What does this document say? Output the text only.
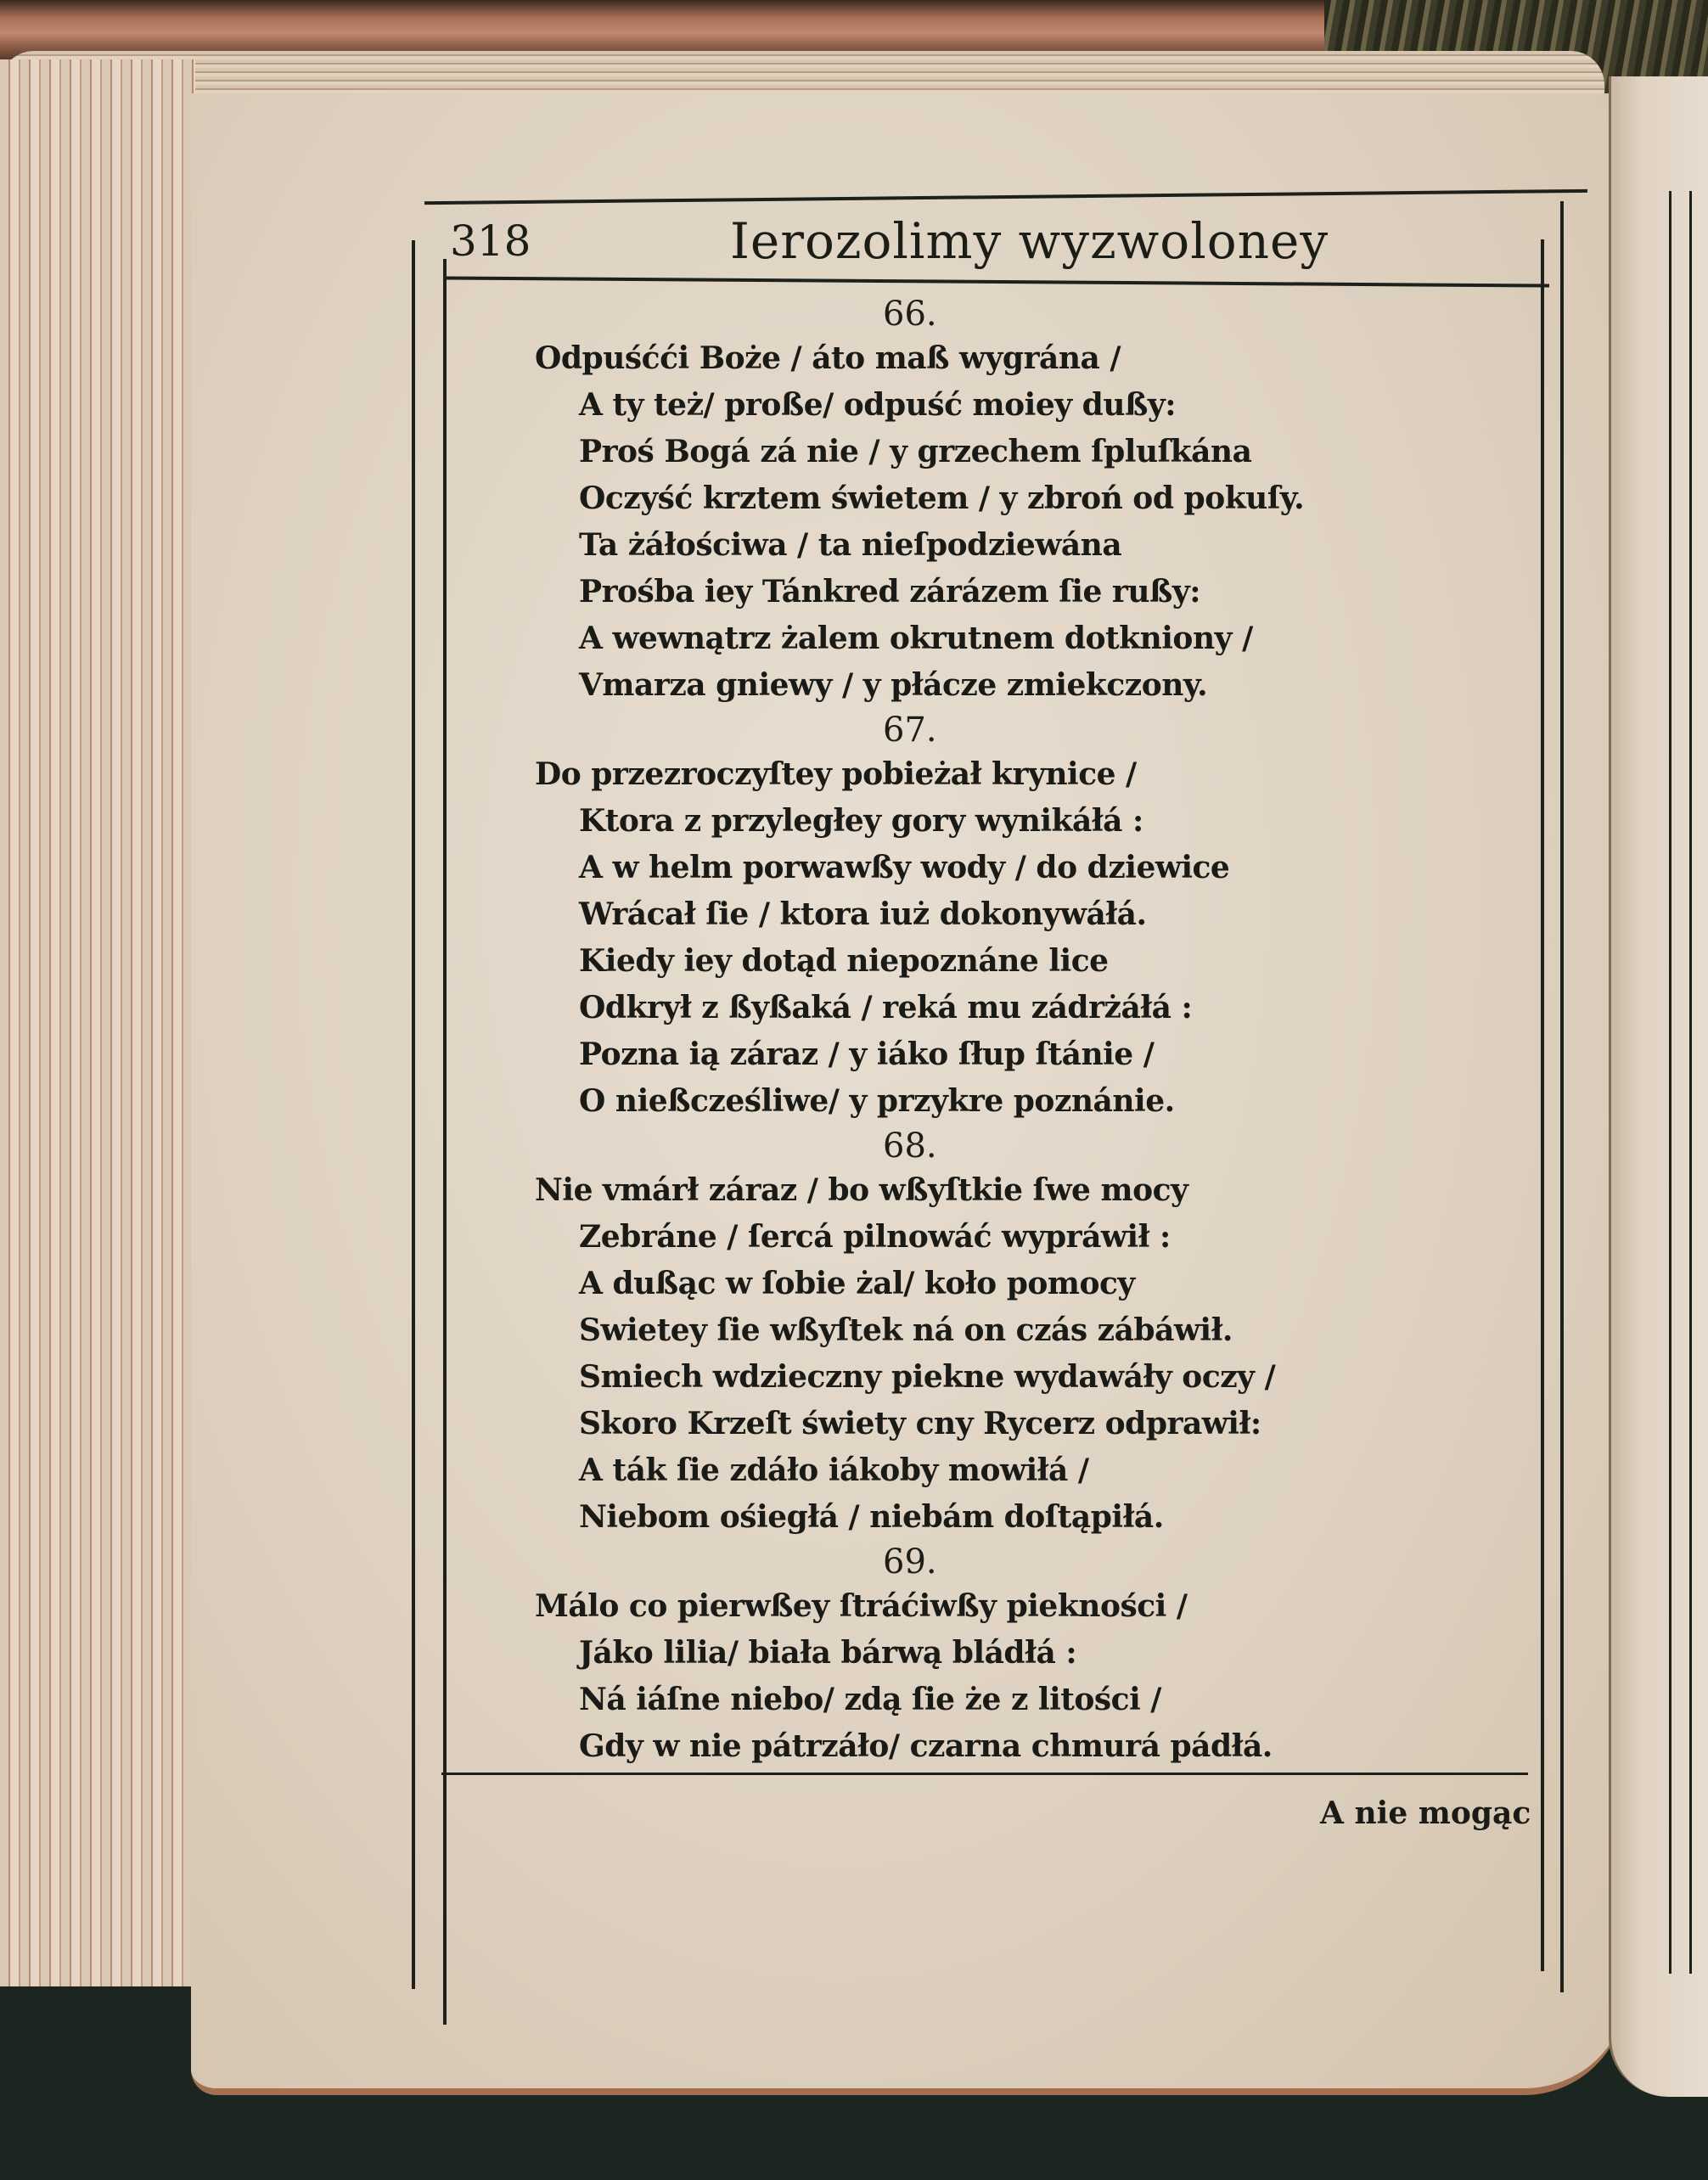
318	Ierozolimy wyzwoloney
66.
Odpuśćći Boże / áto maß wygrána /
A ty też/ proße/ odpuść moiey dußy:
Proś Bogá zá nie / y grzechem ſpluſkána
Oczyść krztem świetem / y zbroń od pokuſy.
Ta żáłościwa / ta nieſpodziewána
Prośba iey Tánkred zárázem ſie rußy:
A wewnątrz żalem okrutnem dotkniony /
Vmarza gniewy / y płácze zmiekczony.
67.
Do przezroczyſtey pobieżał krynice /
Ktora z przyległey gory wynikáłá :
A w helm porwawßy wody / do dziewice
Wrácał ſie / ktora iuż dokonywáłá.
Kiedy iey dotąd niepoznáne lice
Odkrył z ßyßaká / reká mu zádrżáłá :
Pozna ią záraz / y iáko ſłup ſtánie /
O nießcześliwe/ y przykre poznánie.
68.
Nie vmárł záraz / bo wßyſtkie ſwe mocy
Zebráne / ſercá pilnowáć wypráwił :
A dußąc w ſobie żal/ koło pomocy
Swietey ſie wßyſtek ná on czás zábáwił.
Smiech wdzieczny piekne wydawáły oczy /
Skoro Krzeſt świety cny Rycerz odprawił:
A ták ſie zdáło iákoby mowiłá /
Niebom ośiegłá / niebám doſtąpiłá.
69.
Málo co pierwßey ſtráćiwßy piekności /
Jáko lilia/ biała bárwą bládłá :
Ná iáſne niebo/ zdą ſie że z litości /
Gdy w nie pátrzáło/ czarna chmurá pádłá.
A nie mogąc
